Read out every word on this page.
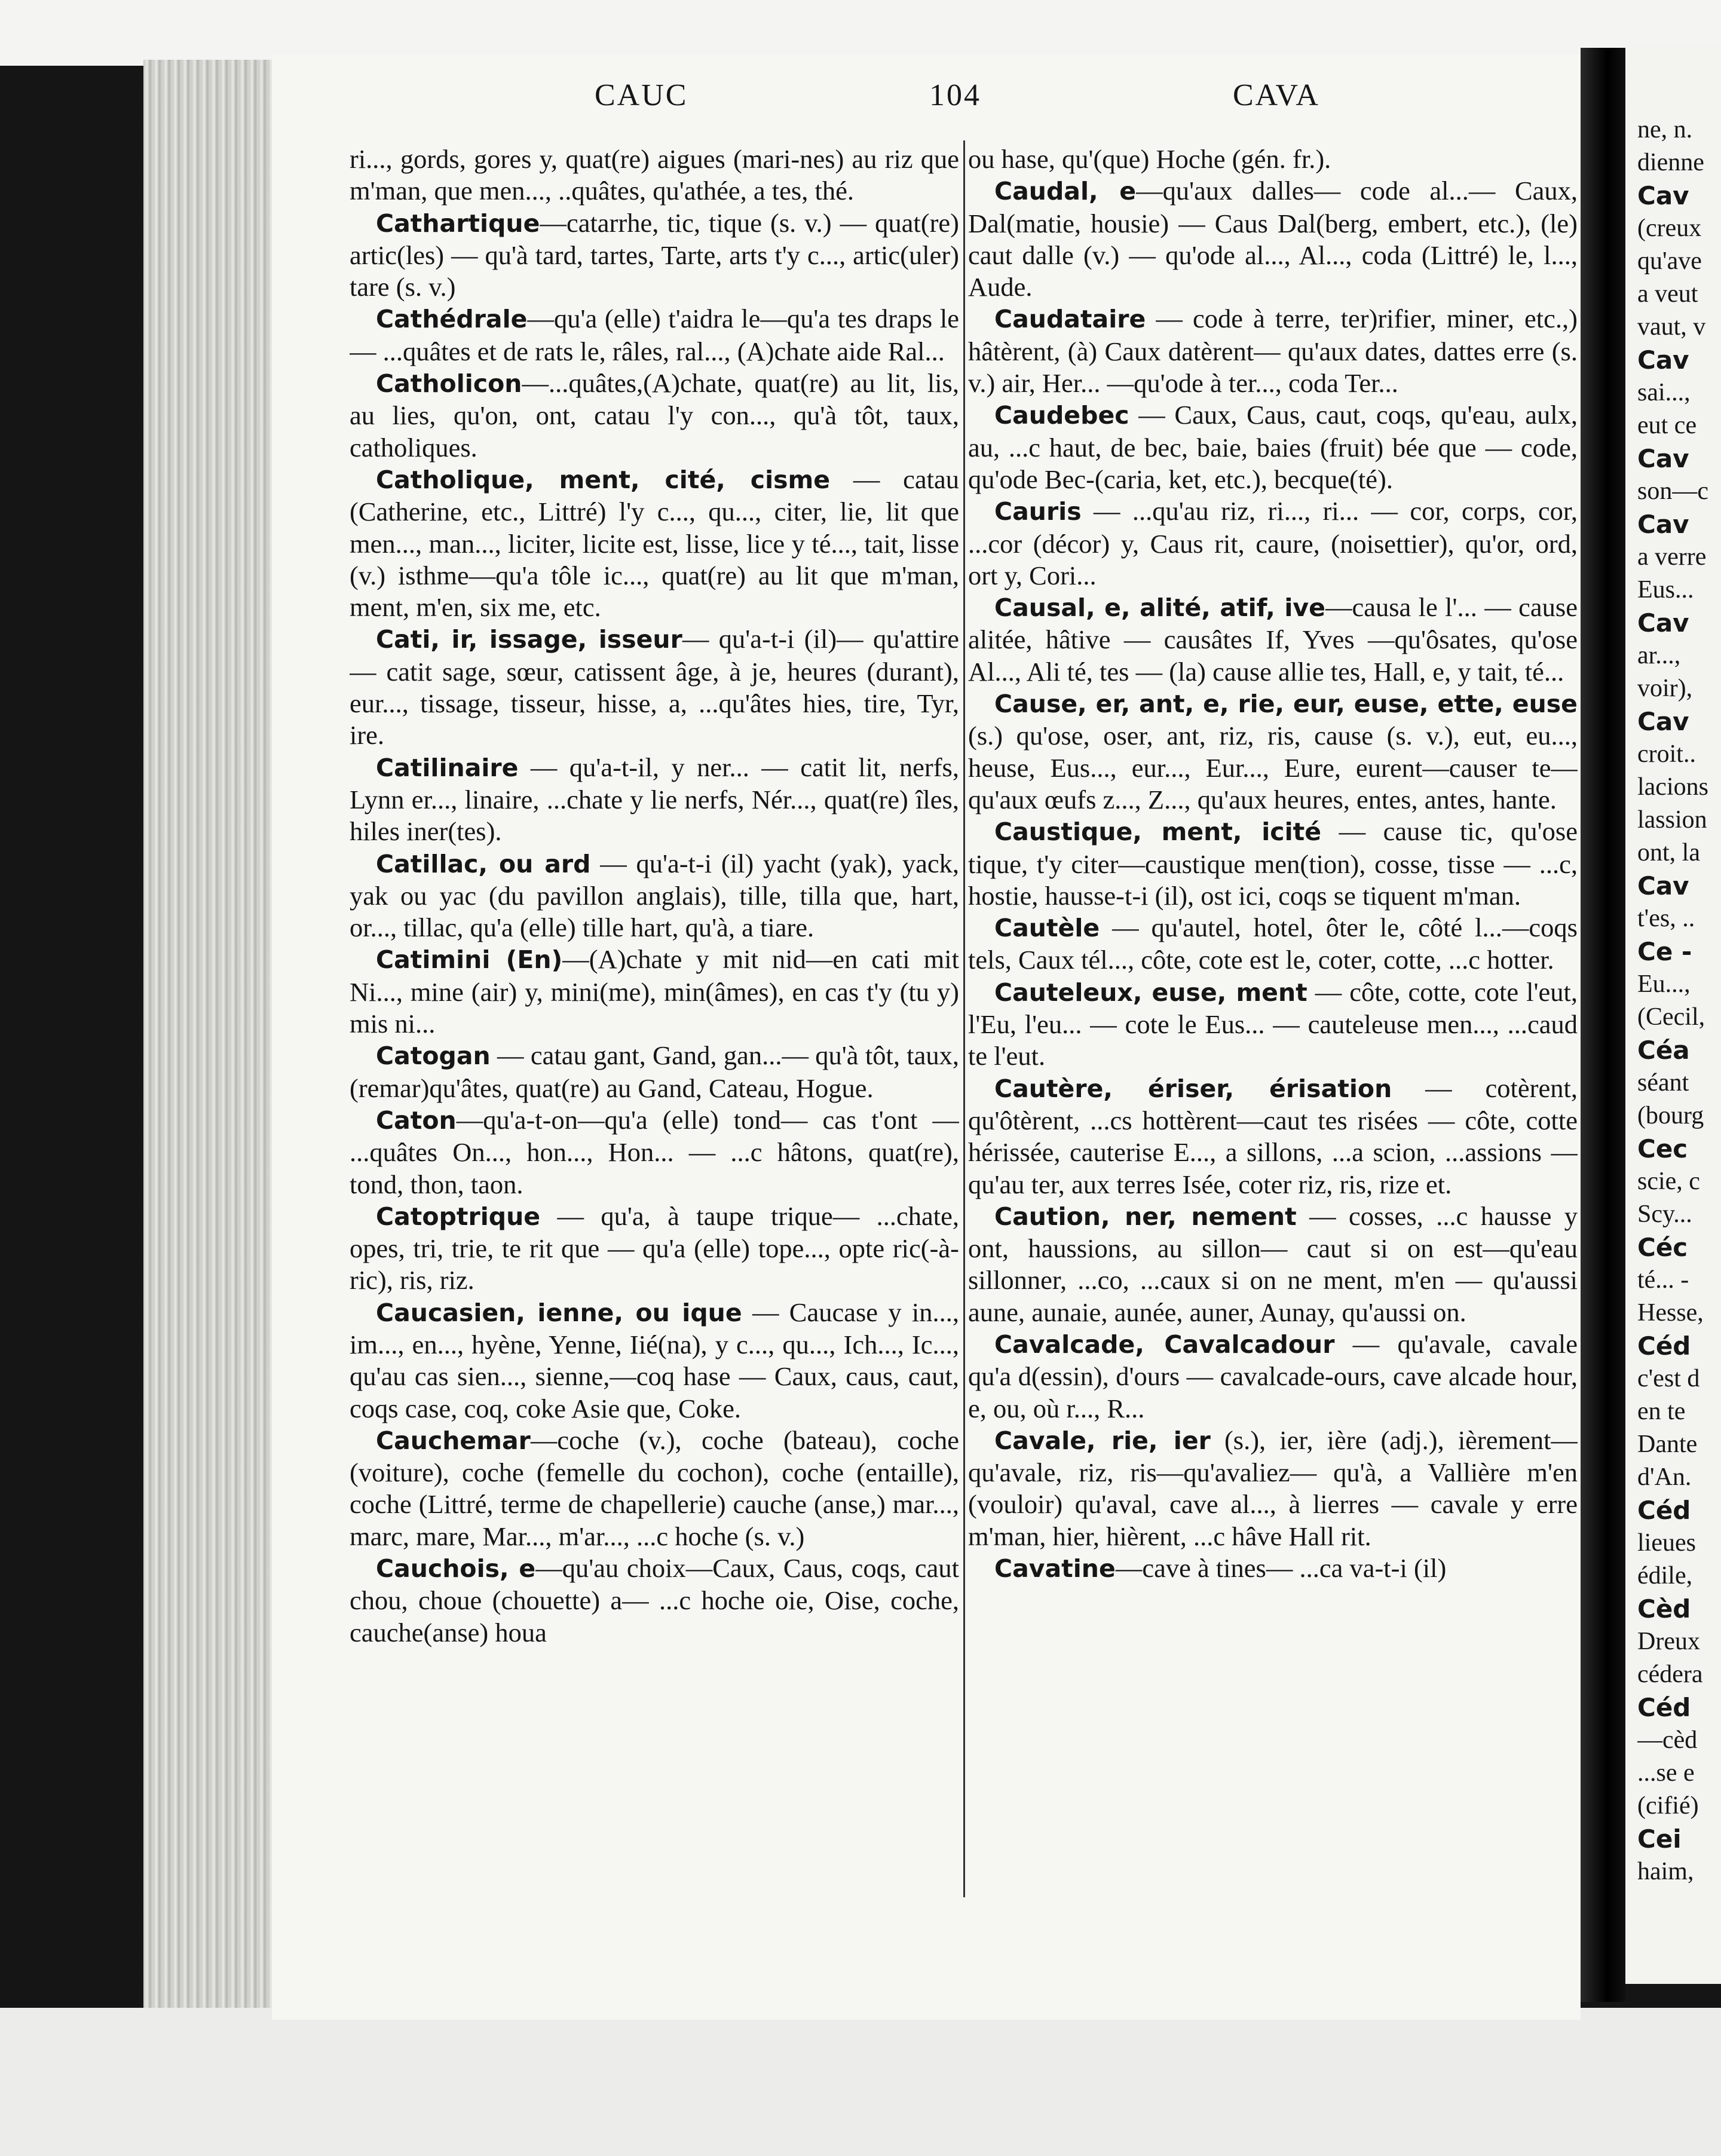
CAUC	104	CAVA

ri..., gords, gores y, quat(re) aigues (mari-nes) au riz que m'man, que men..., ..quâtes, qu'athée, a tes, thé.

Cathartique—catarrhe, tic, tique (s. v.) — quat(re) artic(les) — qu'à tard, tartes, Tarte, arts t'y c..., artic(uler) tare (s. v.)

Cathédrale—qu'a (elle) t'aidra le—qu'a tes draps le— ...quâtes et de rats le, râles, ral..., (A)chate aide Ral...

Catholicon—...quâtes,(A)chate, quat(re) au lit, lis, au lies, qu'on, ont, catau l'y con..., qu'à tôt, taux, catholiques.

Catholique, ment, cité, cisme — catau (Catherine, etc., Littré) l'y c..., qu..., citer, lie, lit que men..., man..., liciter, licite est, lisse, lice y té..., tait, lisse (v.) isthme—qu'a tôle ic..., quat(re) au lit que m'man, ment, m'en, six me, etc.

Cati, ir, issage, isseur— qu'a-t-i (il)— qu'attire — catit sage, sœur, catissent âge, à je, heures (durant), eur..., tissage, tisseur, hisse, a, ...qu'âtes hies, tire, Tyr, ire.

Catilinaire — qu'a-t-il, y ner... — catit lit, nerfs, Lynn er..., linaire, ...chate y lie nerfs, Nér..., quat(re) îles, hiles iner(tes).

Catillac, ou ard — qu'a-t-i (il) yacht (yak), yack, yak ou yac (du pavillon anglais), tille, tilla que, hart, or..., tillac, qu'a (elle) tille hart, qu'à, a tiare.

Catimini (En)—(A)chate y mit nid—en cati mit Ni..., mine (air) y, mini(me), min(âmes), en cas t'y (tu y) mis ni...

Catogan — catau gant, Gand, gan...— qu'à tôt, taux, (remar)qu'âtes, quat(re) au Gand, Cateau, Hogue.

Caton—qu'a-t-on—qu'a (elle) tond— cas t'ont — ...quâtes On..., hon..., Hon... — ...c hâtons, quat(re), tond, thon, taon.

Catoptrique — qu'a, à taupe trique— ...chate, opes, tri, trie, te rit que — qu'a (elle) tope..., opte ric(-à-ric), ris, riz.

Caucasien, ienne, ou ique — Caucase y in..., im..., en..., hyène, Yenne, Iié(na), y c..., qu..., Ich..., Ic..., qu'au cas sien..., sienne,—coq hase — Caux, caus, caut, coqs case, coq, coke Asie que, Coke.

Cauchemar—coche (v.), coche (bateau), coche (voiture), coche (femelle du cochon), coche (entaille), coche (Littré, terme de chapellerie) cauche (anse,) mar..., marc, mare, Mar..., m'ar..., ...c hoche (s. v.)

Cauchois, e—qu'au choix—Caux, Caus, coqs, caut chou, choue (chouette) a— ...c hoche oie, Oise, coche, cauche(anse) houa

ou hase, qu'(que) Hoche (gén. fr.).

Caudal, e—qu'aux dalles— code al...— Caux, Dal(matie, housie) — Caus Dal(berg, embert, etc.), (le) caut dalle (v.) — qu'ode al..., Al..., coda (Littré) le, l..., Aude.

Caudataire — code à terre, ter)rifier, miner, etc.,) hâtèrent, (à) Caux datèrent— qu'aux dates, dattes erre (s. v.) air, Her... —qu'ode à ter..., coda Ter...

Caudebec — Caux, Caus, caut, coqs, qu'eau, aulx, au, ...c haut, de bec, baie, baies (fruit) bée que — code, qu'ode Bec-(caria, ket, etc.), becque(té).

Cauris — ...qu'au riz, ri..., ri... — cor, corps, cor, ...cor (décor) y, Caus rit, caure, (noisettier), qu'or, ord, ort y, Cori...

Causal, e, alité, atif, ive—causa le l'... — cause alitée, hâtive — causâtes If, Yves —qu'ôsates, qu'ose Al..., Ali té, tes — (la) cause allie tes, Hall, e, y tait, té...

Cause, er, ant, e, rie, eur, euse, ette, euse (s.) qu'ose, oser, ant, riz, ris, cause (s. v.), eut, eu..., heuse, Eus..., eur..., Eur..., Eure, eurent—causer te—qu'aux œufs z..., Z..., qu'aux heures, entes, antes, hante.

Caustique, ment, icité — cause tic, qu'ose tique, t'y citer—caustique men(tion), cosse, tisse — ...c, hostie, hausse-t-i (il), ost ici, coqs se tiquent m'man.

Cautèle — qu'autel, hotel, ôter le, côté l...—coqs tels, Caux tél..., côte, cote est le, coter, cotte, ...c hotter.

Cauteleux, euse, ment — côte, cotte, cote l'eut, l'Eu, l'eu... — cote le Eus... — cauteleuse men..., ...caud te l'eut.

Cautère, ériser, érisation — cotèrent, qu'ôtèrent, ...cs hottèrent—caut tes risées — côte, cotte hérissée, cauterise E..., a sillons, ...a scion, ...assions — qu'au ter, aux terres Isée, coter riz, ris, rize et.

Caution, ner, nement — cosses, ...c hausse y ont, haussions, au sillon— caut si on est—qu'eau sillonner, ...co, ...caux si on ne ment, m'en — qu'aussi aune, aunaie, aunée, auner, Aunay, qu'aussi on.

Cavalcade, Cavalcadour — qu'avale, cavale qu'a d(essin), d'ours — cavalcade-ours, cave alcade hour, e, ou, où r..., R...

Cavale, rie, ier (s.), ier, ière (adj.), ièrement—qu'avale, riz, ris—qu'avaliez— qu'à, a Vallière m'en (vouloir) qu'aval, cave al..., à lierres — cavale y erre m'man, hier, hièrent, ...c hâve Hall rit.

Cavatine—cave à tines— ...ca va-t-i (il)

ne, n.
dienne
Cav
(creux
qu'ave
a veut
vaut, v
Cav
sai...,
eut ce
Cav
son—c
Cav
a verre
Eus...
Cav
ar...,
voir),
Cav
croit..
lacions
lassion
ont, la
Cav
t'es, ..
Ce -
Eu...,
(Cecil,
Céa
séant
(bourg
Cec
scie, c
Scy...
Céc
té... -
Hesse,
Céd
c'est d
en te
Dante
d'An.
Céd
lieues
édile,
Cèd
Dreux
cédera
Céd
—cèd
...se e
(cifié)
Cei
haim,
